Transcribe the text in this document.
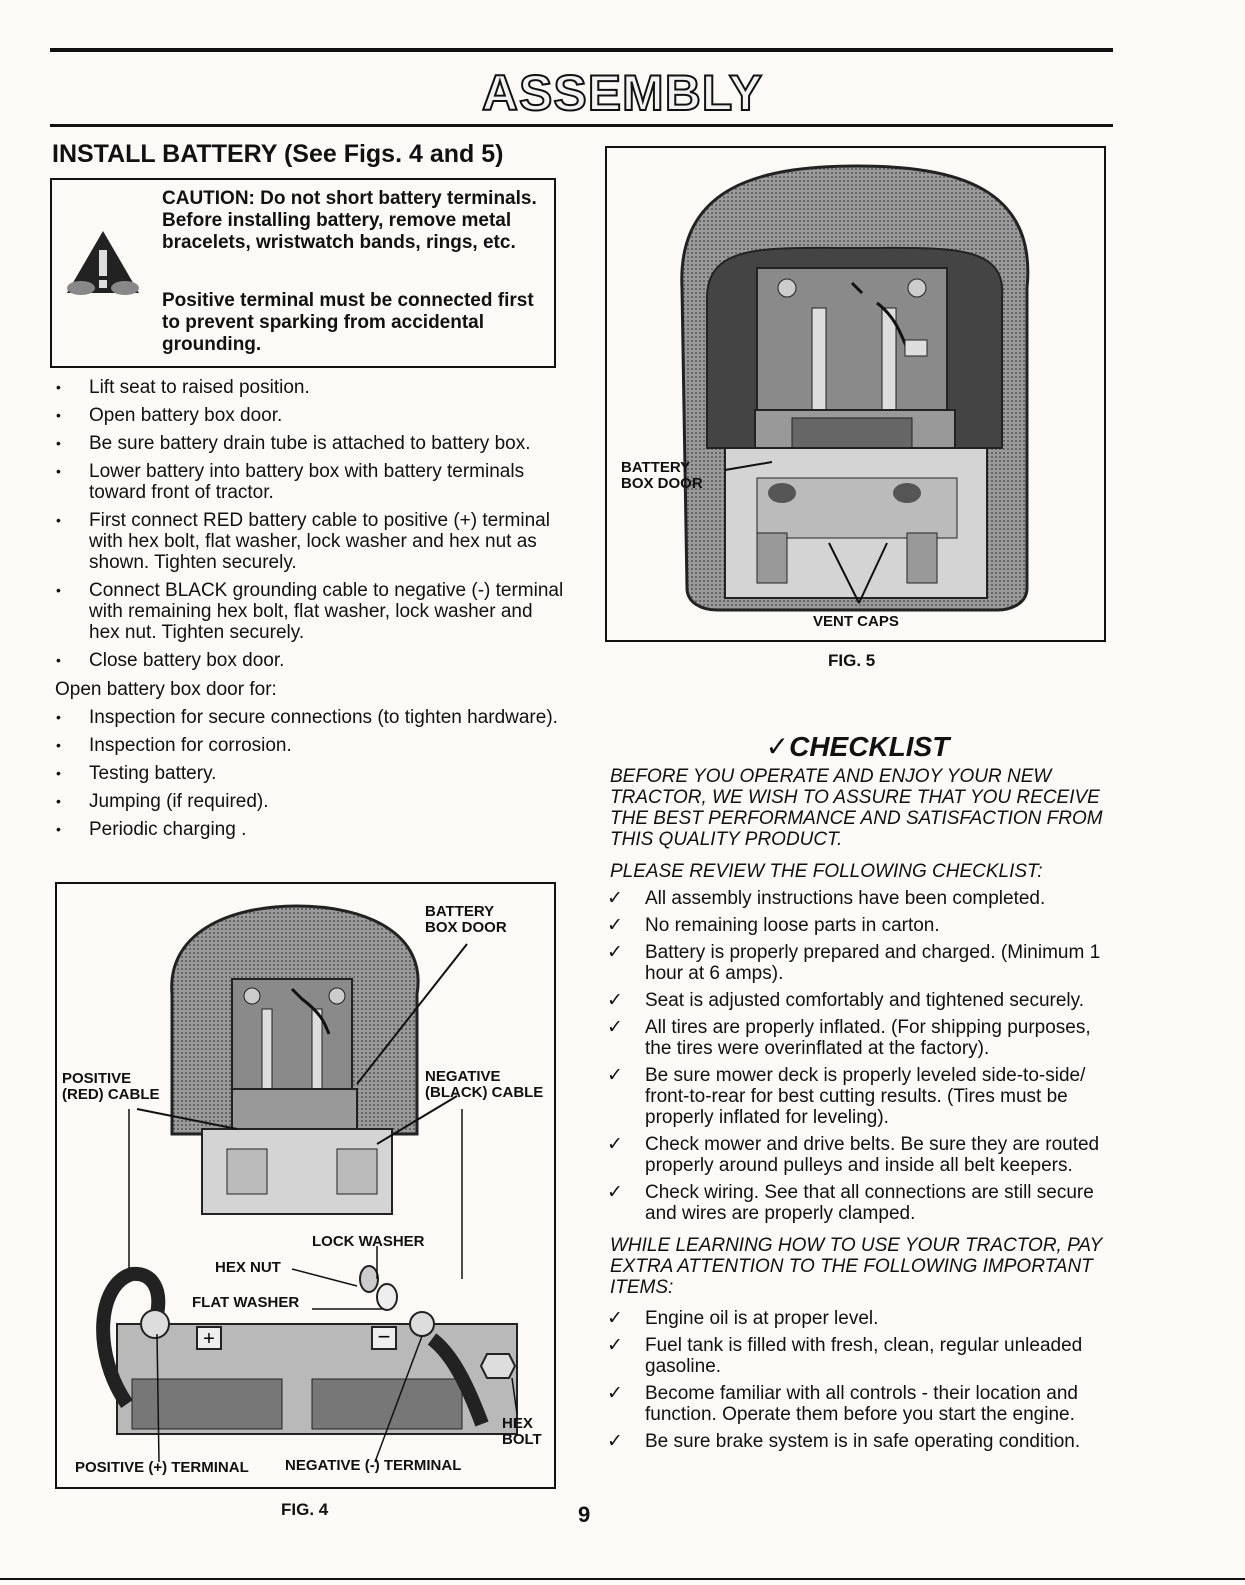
ASSEMBLY
INSTALL BATTERY (See Figs. 4 and 5)
CAUTION: Do not short battery terminals. Before installing battery, remove metal bracelets, wristwatch bands, rings, etc.
Positive terminal must be connected first to prevent sparking from accidental grounding.
• Lift seat to raised position.
• Open battery box door.
• Be sure battery drain tube is attached to battery box.
• Lower battery into battery box with battery terminals toward front of tractor.
• First connect RED battery cable to positive (+) terminal with hex bolt, flat washer, lock washer and hex nut as shown. Tighten securely.
• Connect BLACK grounding cable to negative (-) terminal with remaining hex bolt, flat washer, lock washer and hex nut. Tighten securely.
• Close battery box door.
Open battery box door for:
• Inspection for secure connections (to tighten hardware).
• Inspection for corrosion.
• Testing battery.
• Jumping (if required).
• Periodic charging .
BATTERY
BOX DOOR
VENT CAPS
FIG. 5
✓CHECKLIST
BEFORE YOU OPERATE AND ENJOY YOUR NEW TRACTOR, WE WISH TO ASSURE THAT YOU RECEIVE THE BEST PERFORMANCE AND SATISFACTION FROM THIS QUALITY PRODUCT.
PLEASE REVIEW THE FOLLOWING CHECKLIST:
✓ All assembly instructions have been completed.
✓ No remaining loose parts in carton.
✓ Battery is properly prepared and charged. (Minimum 1 hour at 6 amps).
✓ Seat is adjusted comfortably and tightened securely.
✓ All tires are properly inflated. (For shipping purposes, the tires were overinflated at the factory).
✓ Be sure mower deck is properly leveled side-to-side/ front-to-rear for best cutting results. (Tires must be properly inflated for leveling).
✓ Check mower and drive belts. Be sure they are routed properly around pulleys and inside all belt keepers.
✓ Check wiring. See that all connections are still secure and wires are properly clamped.
WHILE LEARNING HOW TO USE YOUR TRACTOR, PAY EXTRA ATTENTION TO THE FOLLOWING IMPORTANT ITEMS:
✓ Engine oil is at proper level.
✓ Fuel tank is filled with fresh, clean, regular unleaded gasoline.
✓ Become familiar with all controls - their location and function. Operate them before you start the engine.
✓ Be sure brake system is in safe operating condition.
+	−
BATTERY
BOX DOOR
POSITIVE
(RED) CABLE
NEGATIVE
(BLACK) CABLE
LOCK WASHER
HEX NUT
FLAT WASHER
HEX
BOLT
POSITIVE (+) TERMINAL NEGATIVE (-) TERMINAL
FIG. 4	9
